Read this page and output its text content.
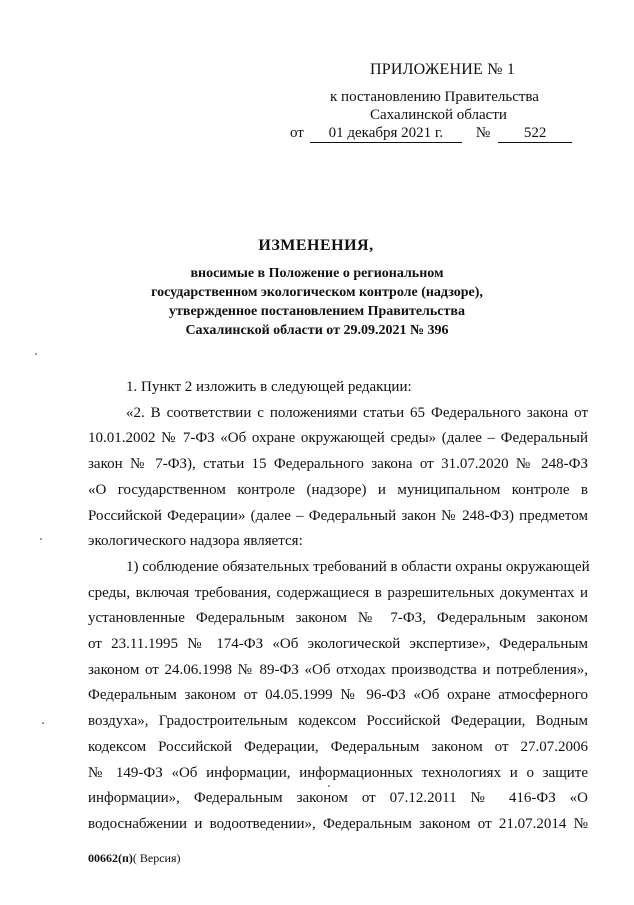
ПРИЛОЖЕНИЕ № 1
к постановлению Правительства
Сахалинской области
от	01 декабря 2021 г.	№	522
ИЗМЕНЕНИЯ,
вносимые в Положение о региональном
государственном экологическом контроле (надзоре),
утвержденное постановлением Правительства
Сахалинской области от 29.09.2021 № 396

1. Пункт 2 изложить в следующей редакции:

«2. В соответствии с положениями статьи 65 Федерального закона от
10.01.2002 № 7-ФЗ «Об охране окружающей среды» (далее – Федеральный
закон № 7-ФЗ), статьи 15 Федерального закона от 31.07.2020 № 248-ФЗ
«О государственном контроле (надзоре) и муниципальном контроле в
Российской Федерации» (далее – Федеральный закон № 248-ФЗ) предметом
экологического надзора является:
1) соблюдение обязательных требований в области охраны окружающей
среды, включая требования, содержащиеся в разрешительных документах и
установленные Федеральным законом № 7-ФЗ, Федеральным законом
от 23.11.1995 № 174-ФЗ «Об экологической экспертизе», Федеральным
законом от 24.06.1998 № 89-ФЗ «Об отходах производства и потребления»,
Федеральным законом от 04.05.1999 № 96-ФЗ «Об охране атмосферного
воздуха», Градостроительным кодексом Российской Федерации, Водным
кодексом Российской Федерации, Федеральным законом от 27.07.2006
№ 149-ФЗ «Об информации, информационных технологиях и о защите
информации», Федеральным законом от 07.12.2011 № 416-ФЗ «О
водоснабжении и водоотведении», Федеральным законом от 21.07.2014 №
00662(п)( Версия)
